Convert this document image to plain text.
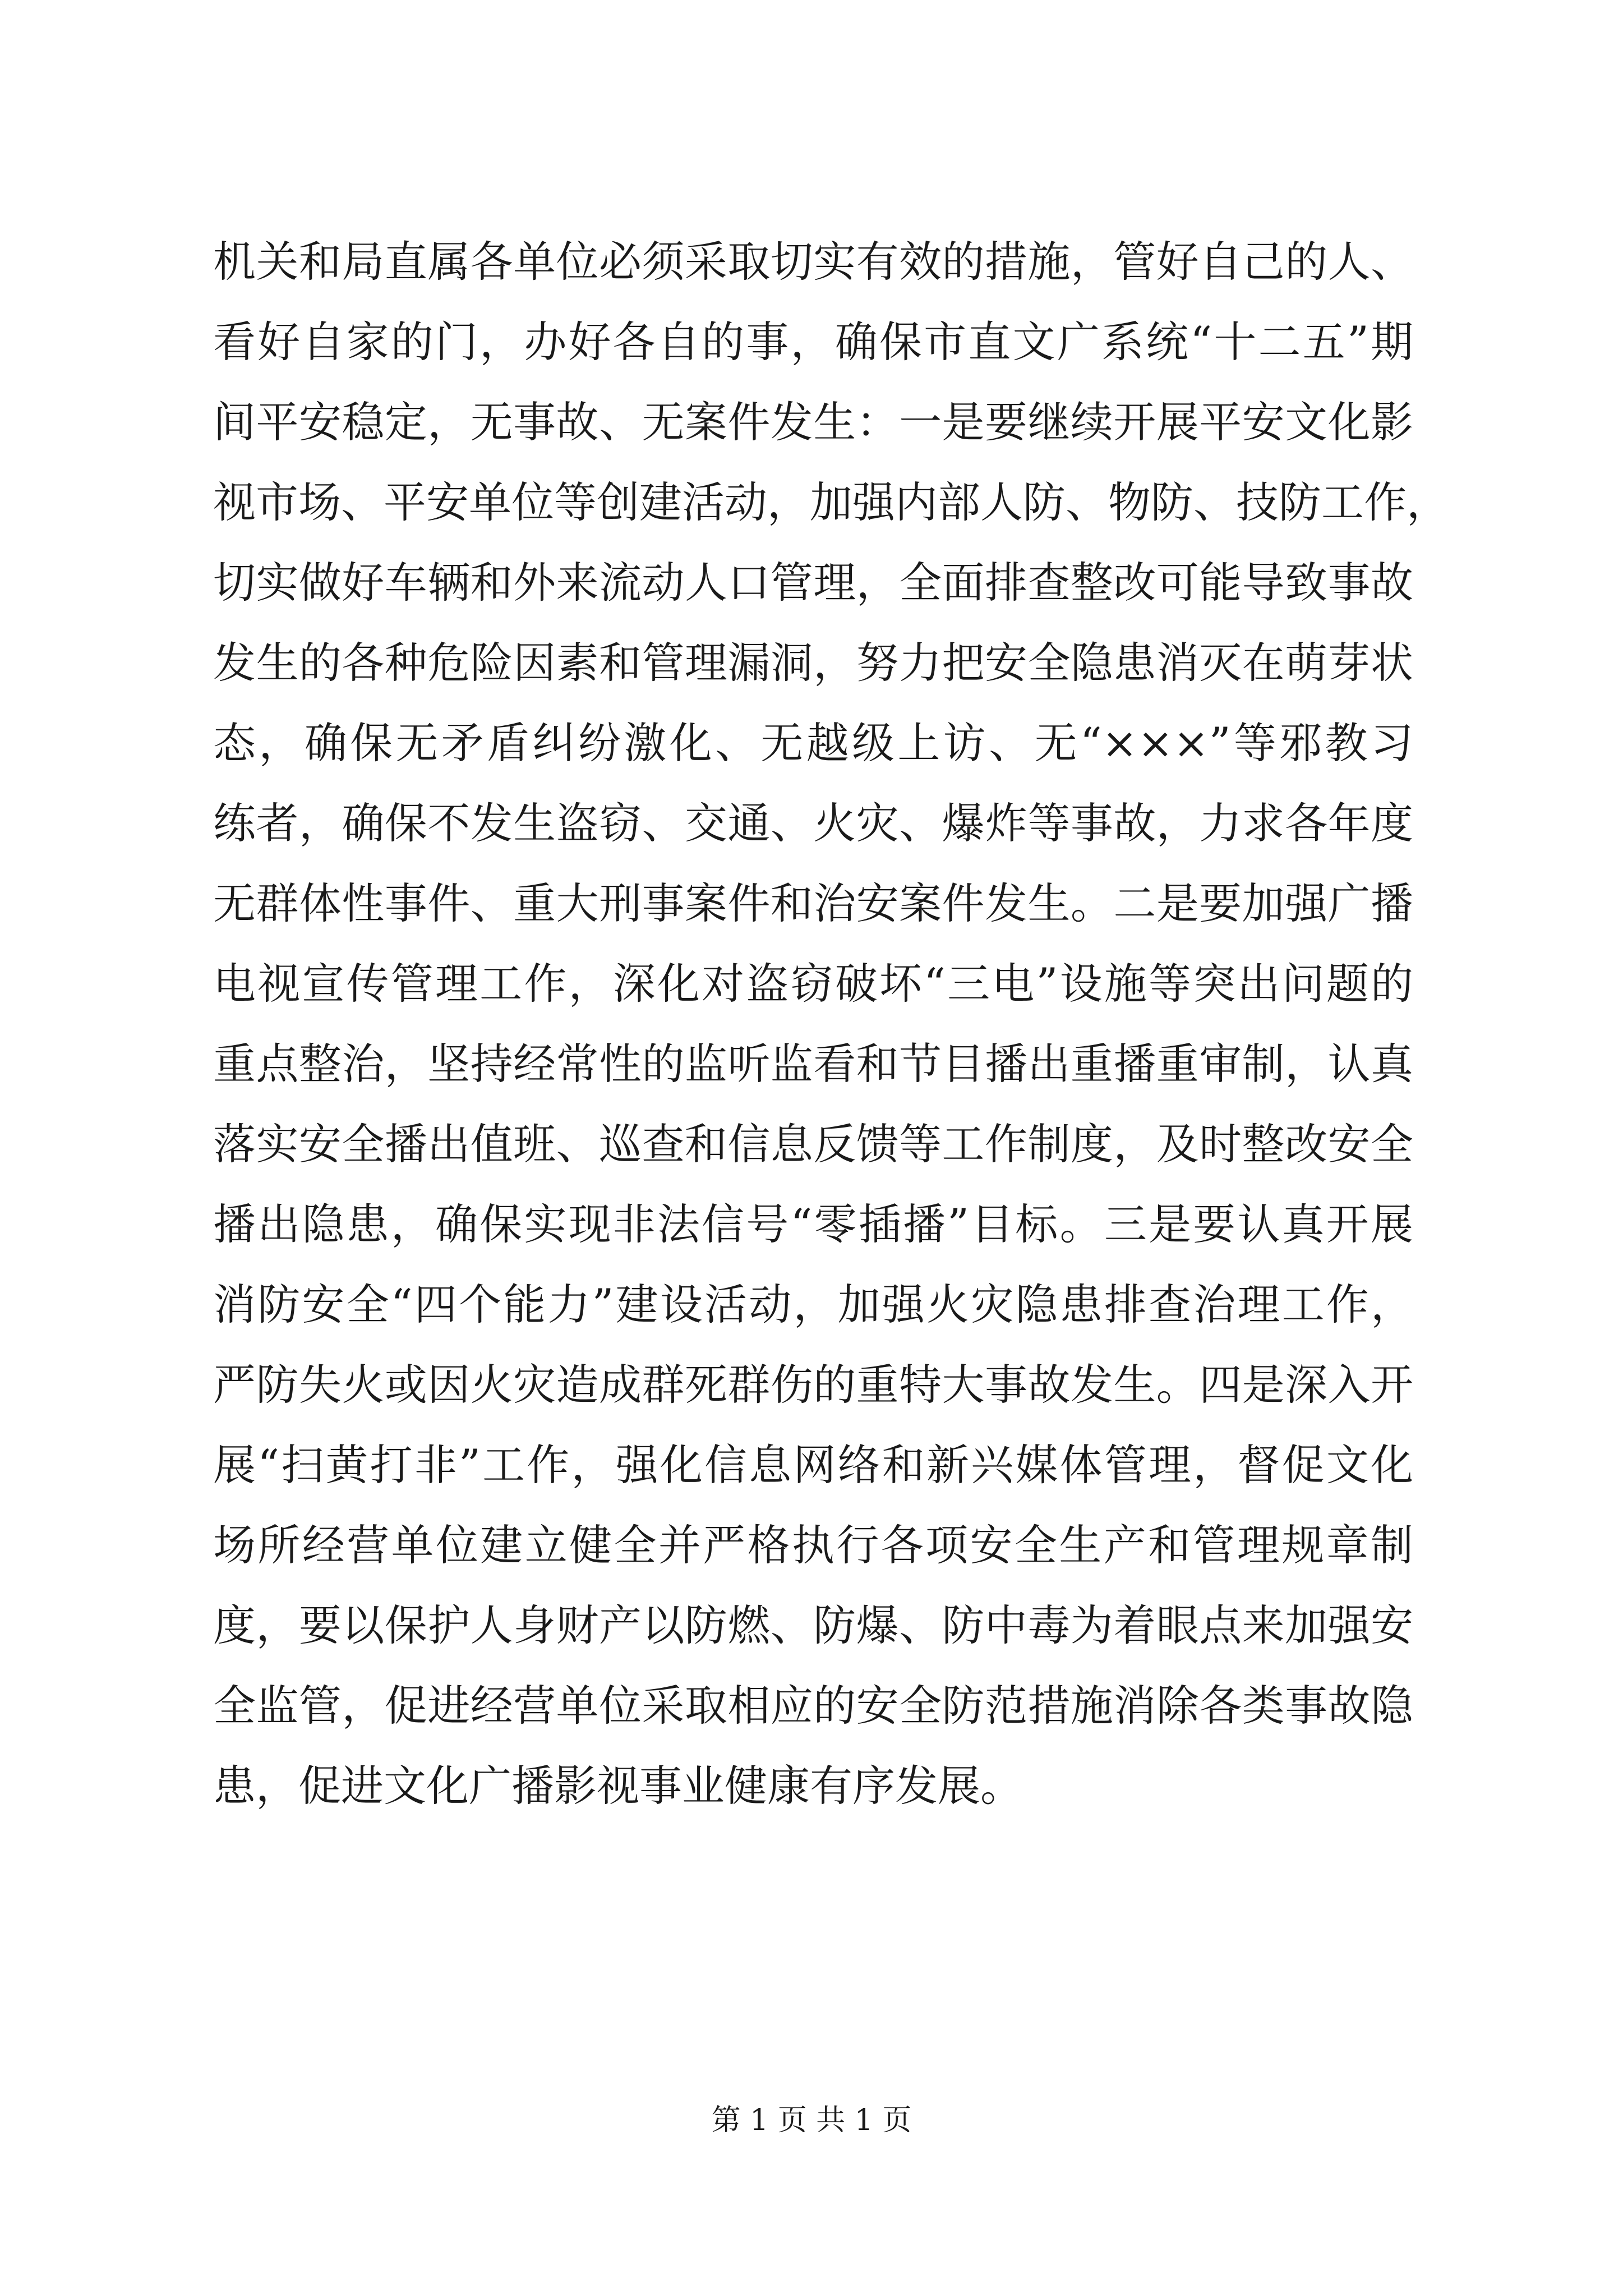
机关和局直属各单位必须采取切实有效的措施，管好自己的人、
看好自家的门，办好各自的事，确保市直文广系统“十二五”期
间平安稳定，无事故、无案件发生：一是要继续开展平安文化影
视市场、平安单位等创建活动，加强内部人防、物防、技防工作，
切实做好车辆和外来流动人口管理，全面排查整改可能导致事故
发生的各种危险因素和管理漏洞，努力把安全隐患消灭在萌芽状
态，确保无矛盾纠纷激化、无越级上访、无“×××”等邪教习
练者，确保不发生盗窃、交通、火灾、爆炸等事故，力求各年度
无群体性事件、重大刑事案件和治安案件发生。二是要加强广播
电视宣传管理工作，深化对盗窃破坏“三电”设施等突出问题的
重点整治，坚持经常性的监听监看和节目播出重播重审制，认真
落实安全播出值班、巡查和信息反馈等工作制度，及时整改安全
播出隐患，确保实现非法信号“零插播”目标。三是要认真开展
消防安全“四个能力”建设活动，加强火灾隐患排查治理工作，
严防失火或因火灾造成群死群伤的重特大事故发生。四是深入开
展“扫黄打非”工作，强化信息网络和新兴媒体管理，督促文化
场所经营单位建立健全并严格执行各项安全生产和管理规章制
度，要以保护人身财产以防燃、防爆、防中毒为着眼点来加强安
全监管，促进经营单位采取相应的安全防范措施消除各类事故隐
患，促进文化广播影视事业健康有序发展。
第 1 页 共 1 页
